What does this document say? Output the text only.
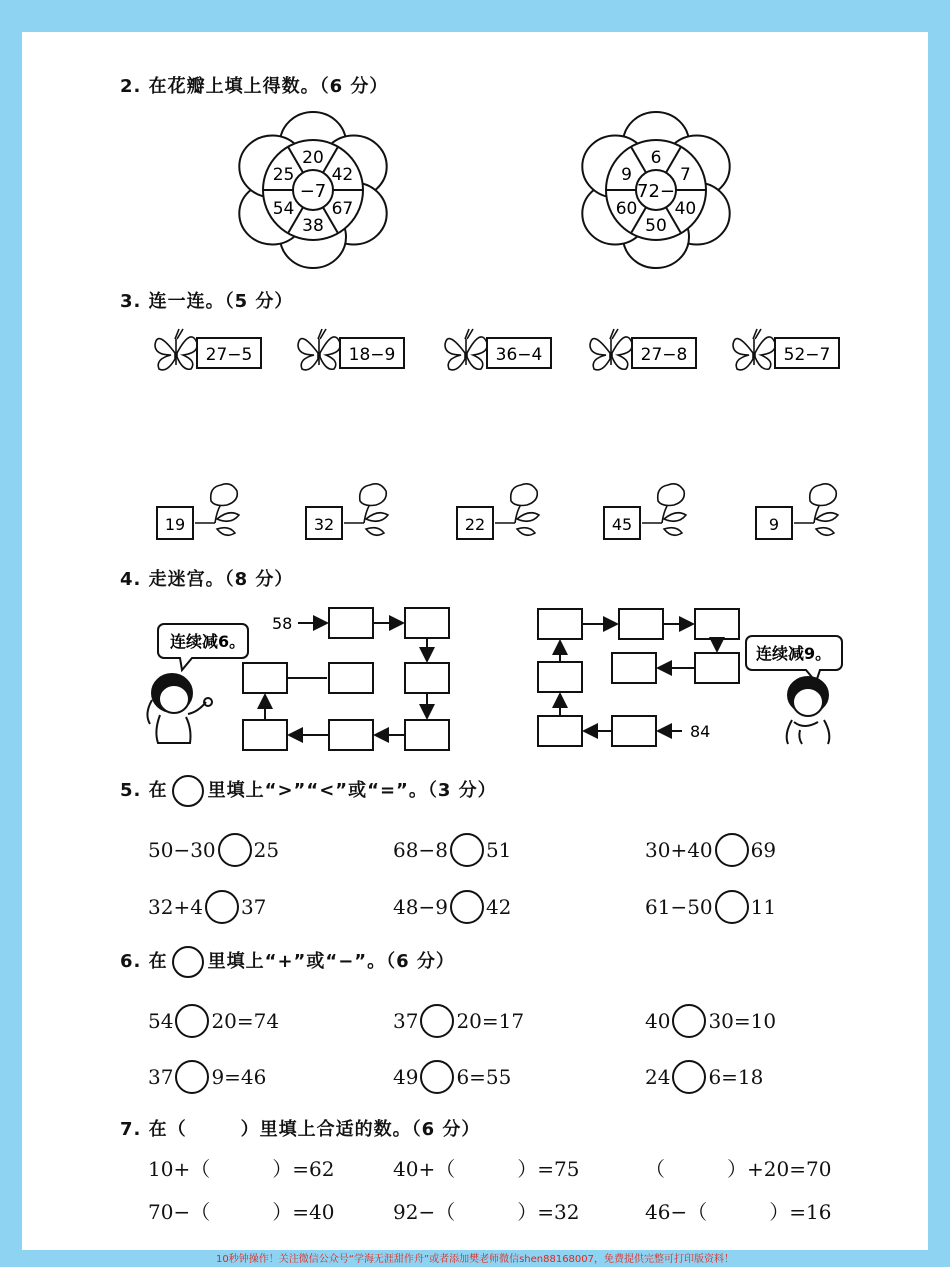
2. 在花瓣上填上得数。（6 分）
−7
20
42
67
38
54
25
72−
6
7
40
50
60
9
3. 连一连。（5 分）
27−5	18−9	36−4	27−8	52−7
19	32	22	45	9
4. 走迷宫。（8 分）
58
84
连续减6。
连续减9。
5. 在 里填上“>”“<”或“=”。（3 分）
50−30 25	68−8 51	30+40 69
32+4 37	48−9 42	61−50 11
6. 在 里填上“+”或“−”。（6 分）
54 20=74	37 20=17	40 30=10
37 9=46	49 6=55	24 6=18
7. 在（	）里填上合适的数。（6 分）
10+（	）=62	40+（	）=75	（	）+20=70
70−（	）=40	92−（	）=32	46−（	）=16
10秒钟操作！关注微信公众号“学海无涯甜作舟”或者添加樊老师微信shen88168007，免费提供完整可打印版资料！
